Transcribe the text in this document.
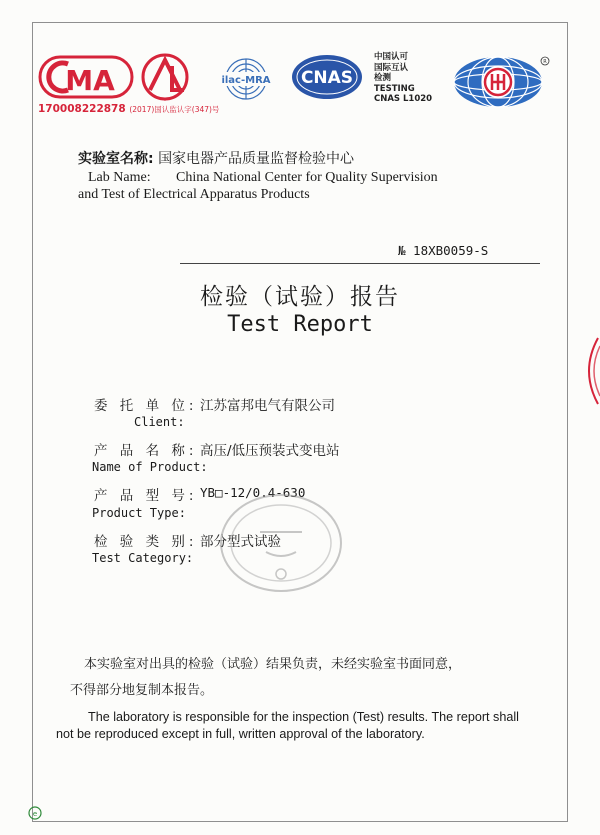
MA
CAL
ilac-MRA CNAS
中国认可
国际互认
检测
TESTING
CNAS L1020
R
170008222878 (2017)国认监认字(347)号
实验室名称: 国家电器产品质量监督检验中心
Lab Name: China National Center for Quality Supervision
and Test of Electrical Apparatus Products
№ 18XB0059-S
检验（试验）报告
Test Report
委 托 单 位: 江苏富邦电气有限公司
Client:
产 品 名 称: 高压/低压预装式变电站
Name of Product:
产 品 型 号: YB□-12/0.4-630
Product Type:
检 验 类 别: 部分型式试验
Test Category:
本实验室对出具的检验（试验）结果负责，未经实验室书面同意，
不得部分地复制本报告。
The laboratory is responsible for the inspection (Test) results. The report shall
not be reproduced except in full, written approval of the laboratory.
e
